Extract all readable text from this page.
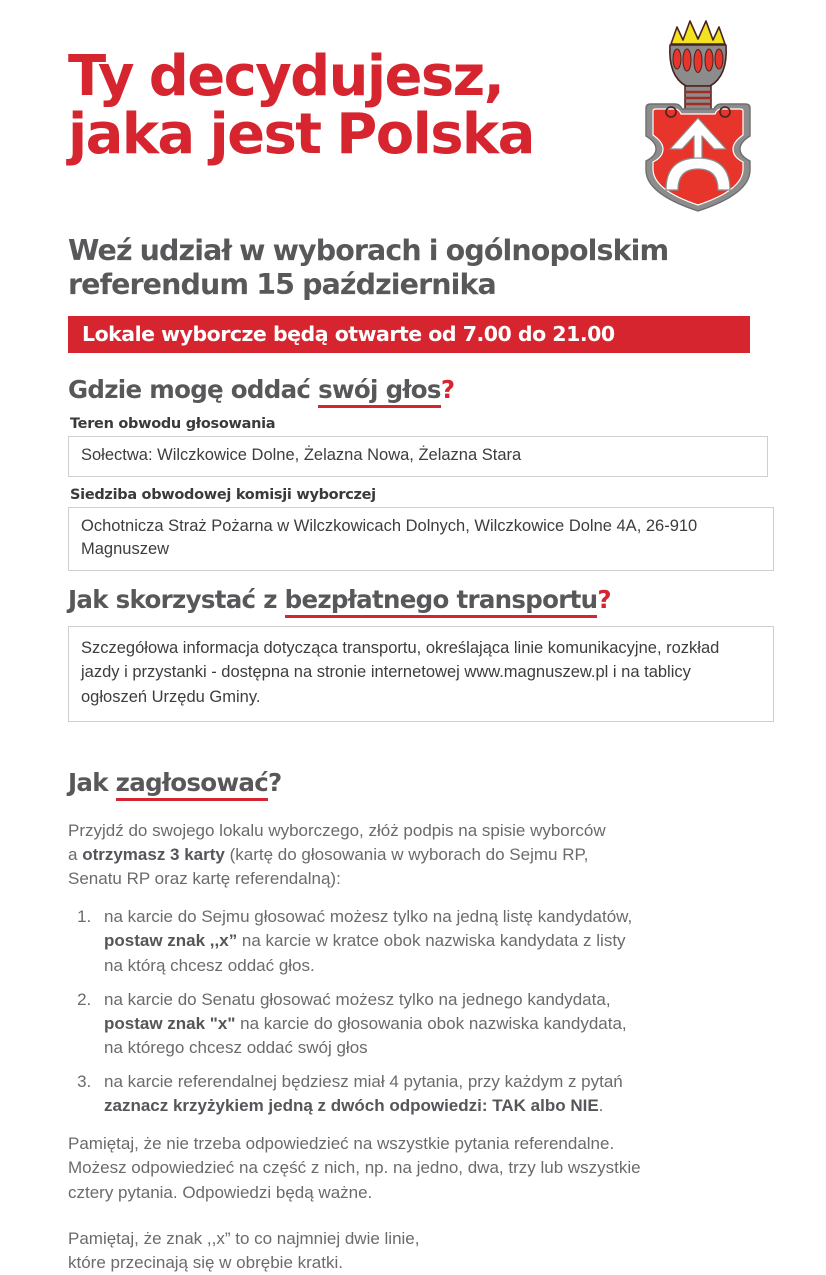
Ty decydujesz,
jaka jest Polska
Weź udział w wyborach i ogólnopolskim
referendum 15 października
Lokale wyborcze będą otwarte od 7.00 do 21.00
Gdzie mogę oddać swój głos?
Teren obwodu głosowania

Sołectwa: Wilczkowice Dolne, Żelazna Nowa, Żelazna Stara

Siedziba obwodowej komisji wyborczej

Ochotnicza Straż Pożarna w Wilczkowicach Dolnych, Wilczkowice Dolne 4A, 26-910

Magnuszew

Jak skorzystać z bezpłatnego transportu?

Szczegółowa informacja dotycząca transportu, określająca linie komunikacyjne, rozkład

jazdy i przystanki - dostępna na stronie internetowej www.magnuszew.pl i na tablicy

ogłoszeń Urzędu Gminy.

Jak zagłosować?

Przyjdź do swojego lokalu wyborczego, złóż podpis na spisie wyborców
a otrzymasz 3 karty (kartę do głosowania w wyborach do Sejmu RP,
Senatu RP oraz kartę referendalną):

1. na karcie do Sejmu głosować możesz tylko na jedną listę kandydatów,
postaw znak ,,x” na karcie w kratce obok nazwiska kandydata z listy
na którą chcesz oddać głos.
2. na karcie do Senatu głosować możesz tylko na jednego kandydata,
postaw znak "x" na karcie do głosowania obok nazwiska kandydata,
na którego chcesz oddać swój głos
3. na karcie referendalnej będziesz miał 4 pytania, przy każdym z pytań
zaznacz krzyżykiem jedną z dwóch odpowiedzi: TAK albo NIE.

Pamiętaj, że nie trzeba odpowiedzieć na wszystkie pytania referendalne.
Możesz odpowiedzieć na część z nich, np. na jedno, dwa, trzy lub wszystkie
cztery pytania. Odpowiedzi będą ważne.

Pamiętaj, że znak ,,x” to co najmniej dwie linie,
które przecinają się w obrębie kratki.
